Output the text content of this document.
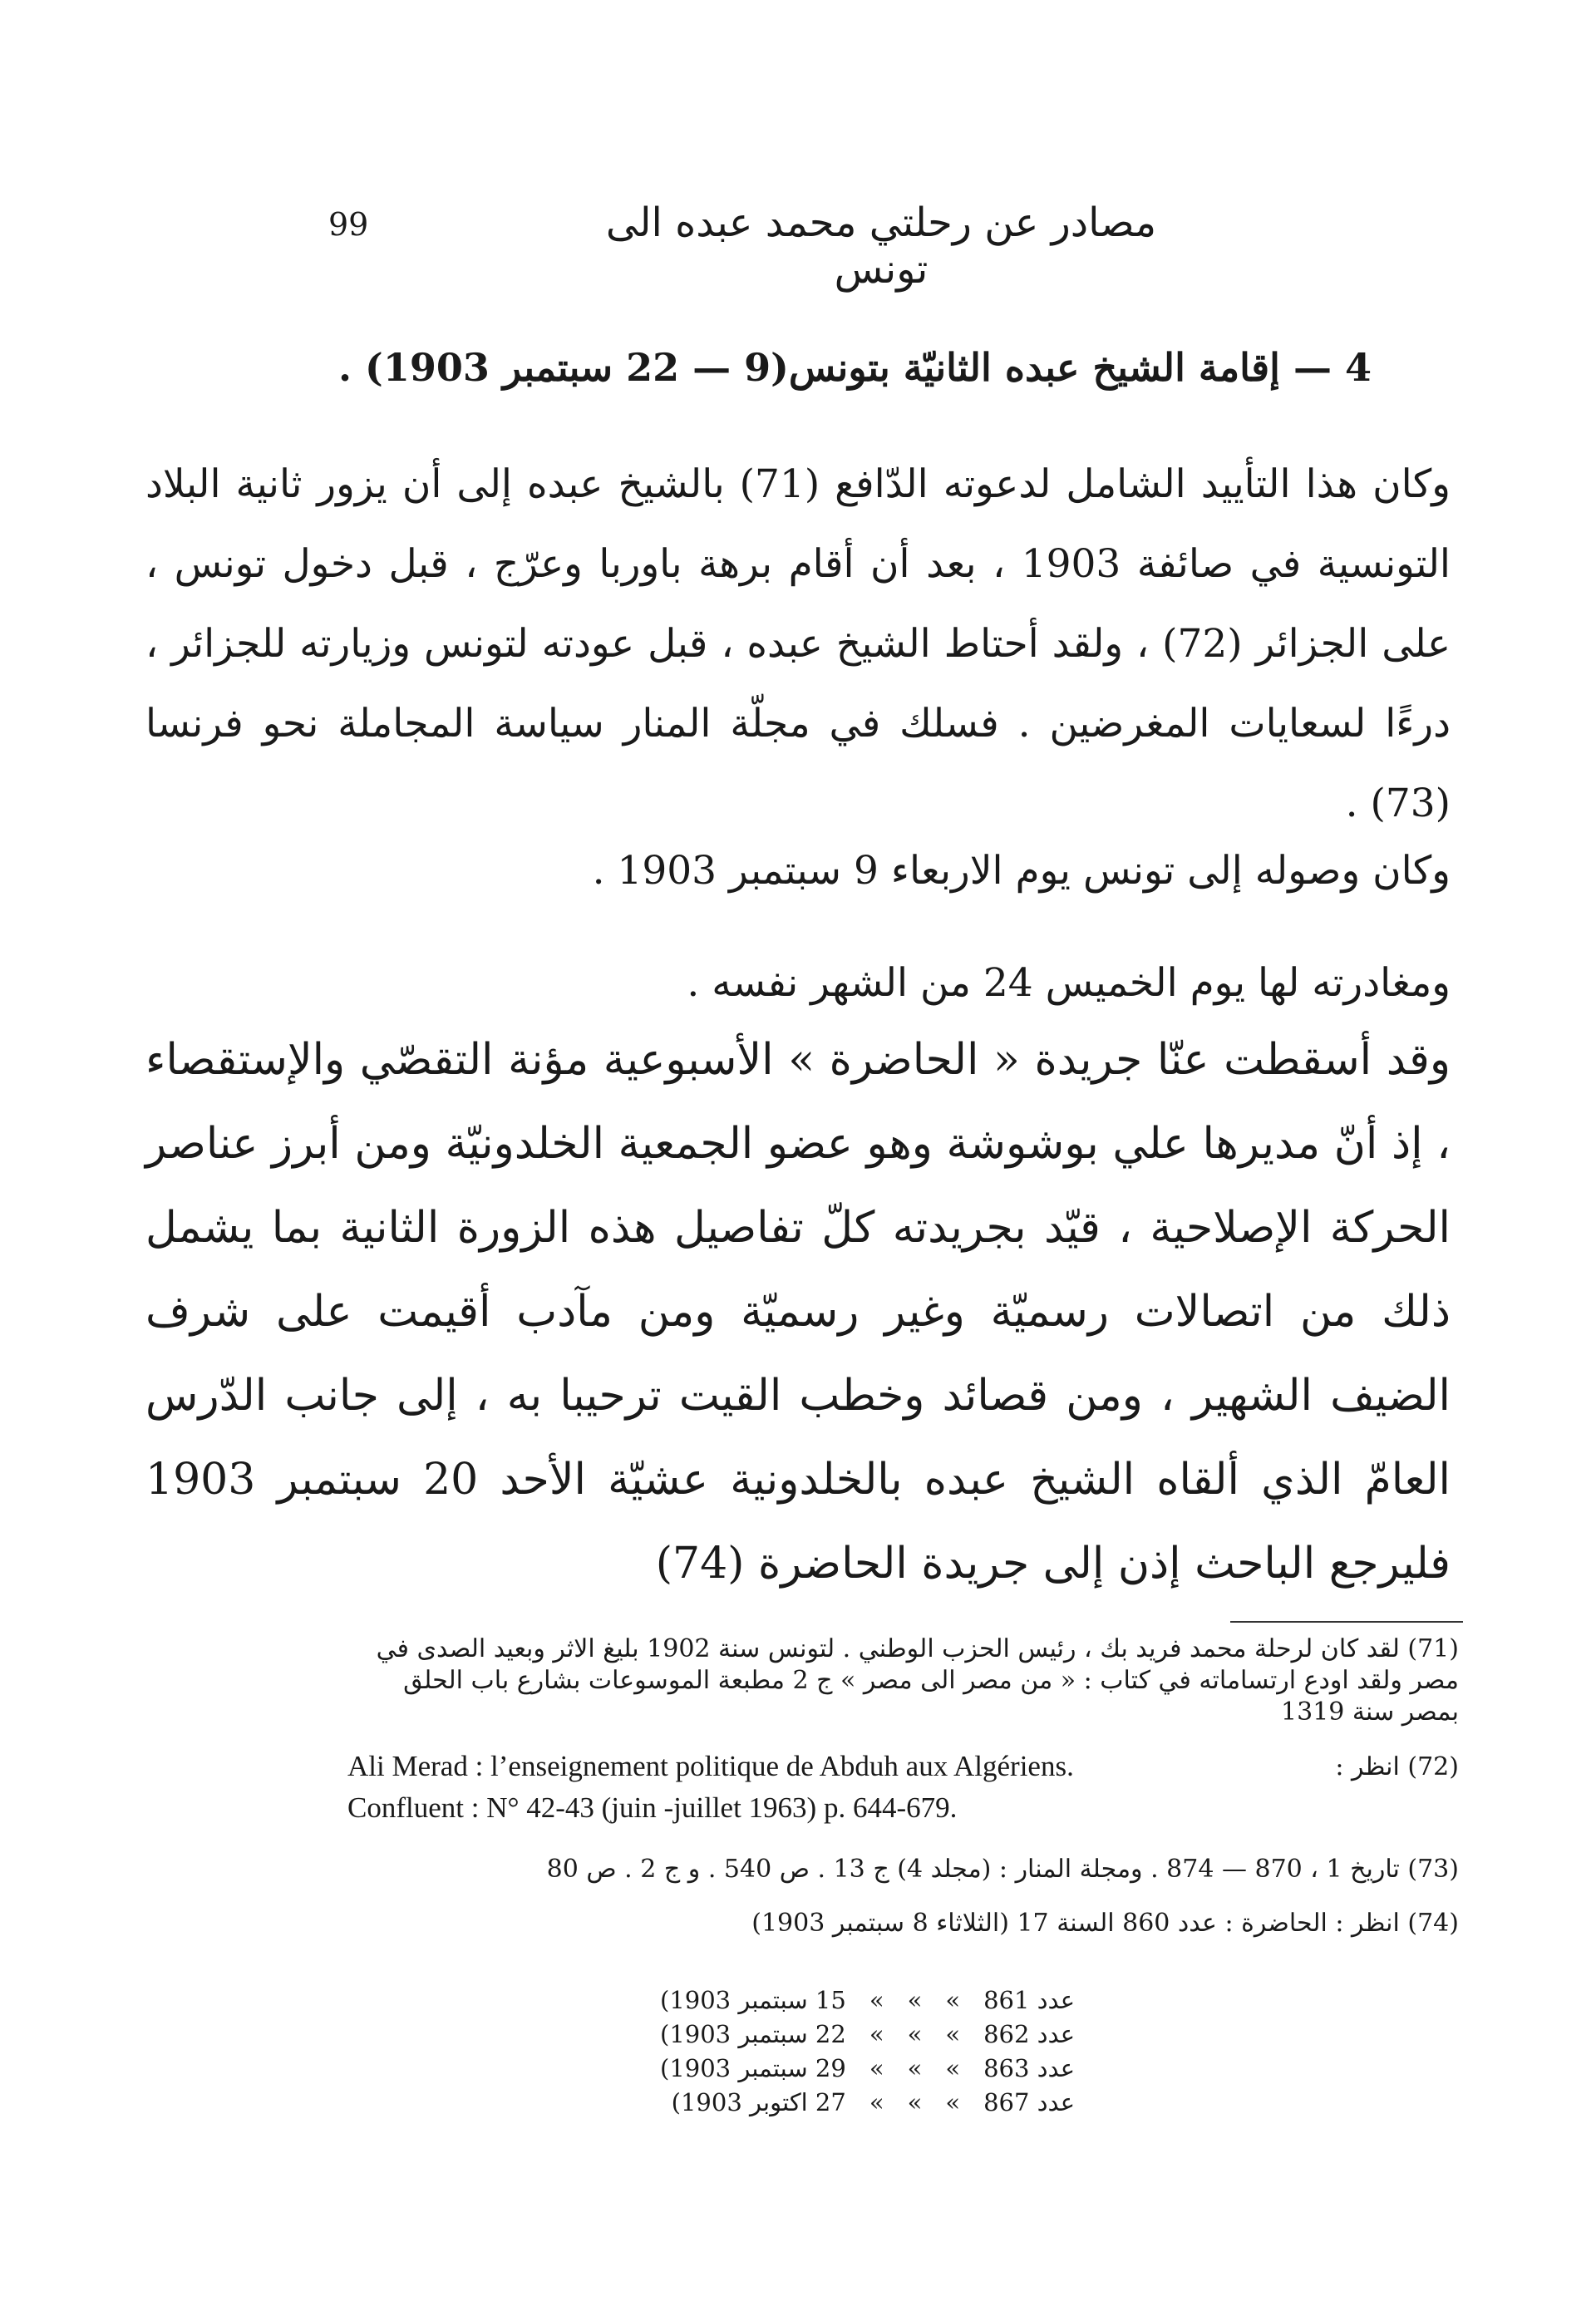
مصادر عن رحلتي محمد عبده الى تونس
99
4 — إقامة الشيخ عبده الثانيّة بتونس(9 — 22 سبتمبر 1903) .
وكان هذا التأييد الشامل لدعوته الدّافع (71) بالشيخ عبده إلى أن يزور ثانية البلاد التونسية في صائفة 1903 ، بعد أن أقام برهة باوربا وعرّج ، قبل دخول تونس ، على الجزائر (72) ، ولقد أحتاط الشيخ عبده ، قبل عودته لتونس وزيارته للجزائر ، درءًا لسعايات المغرضين . فسلك في مجلّة المنار سياسة المجاملة نحو فرنسا (73) .
وكان وصوله إلى تونس يوم الاربعاء 9 سبتمبر 1903 .
ومغادرته لها يوم الخميس 24 من الشهر نفسه .
وقد أسقطت عنّا جريدة « الحاضرة » الأسبوعية مؤنة التقصّي والإستقصاء ، إذ أنّ مديرها علي بوشوشة وهو عضو الجمعية الخلدونيّة ومن أبرز عناصر الحركة الإصلاحية ، قيّد بجريدته كلّ تفاصيل هذه الزورة الثانية بما يشمل ذلك من اتصالات رسميّة وغير رسميّة ومن مآدب أقيمت على شرف الضيف الشهير ، ومن قصائد وخطب القيت ترحيبا به ، إلى جانب الدّرس العامّ الذي ألقاه الشيخ عبده بالخلدونية عشيّة الأحد 20 سبتمبر 1903 فليرجع الباحث إذن إلى جريدة الحاضرة (74)
(71) لقد كان لرحلة محمد فريد بك ، رئيس الحزب الوطني . لتونس سنة 1902 بليغ الاثر وبعيد الصدى في مصر ولقد اودع ارتساماته في كتاب : « من مصر الى مصر » ج 2 مطبعة الموسوعات بشارع باب الحلق بمصر سنة 1319
(72) انظر :
Ali Merad : l’enseignement politique de Abduh aux Algériens.
Confluent : N° 42-43 (juin -juillet 1963) p. 644-679.
(73) تاريخ 1 ، 870 — 874 . ومجلة المنار : (مجلد 4) ج 13 . ص 540 . و ج 2 . ص 80
(74) انظر : الحاضرة : عدد 860 السنة 17 (الثلاثاء 8 سبتمبر 1903)
عدد 861	»	»	»	15 سبتمبر 1903)
عدد 862	»	»	»	22 سبتمبر 1903)
عدد 863	»	»	»	29 سبتمبر 1903)
عدد 867	»	»	»	27 اكتوبر 1903)
